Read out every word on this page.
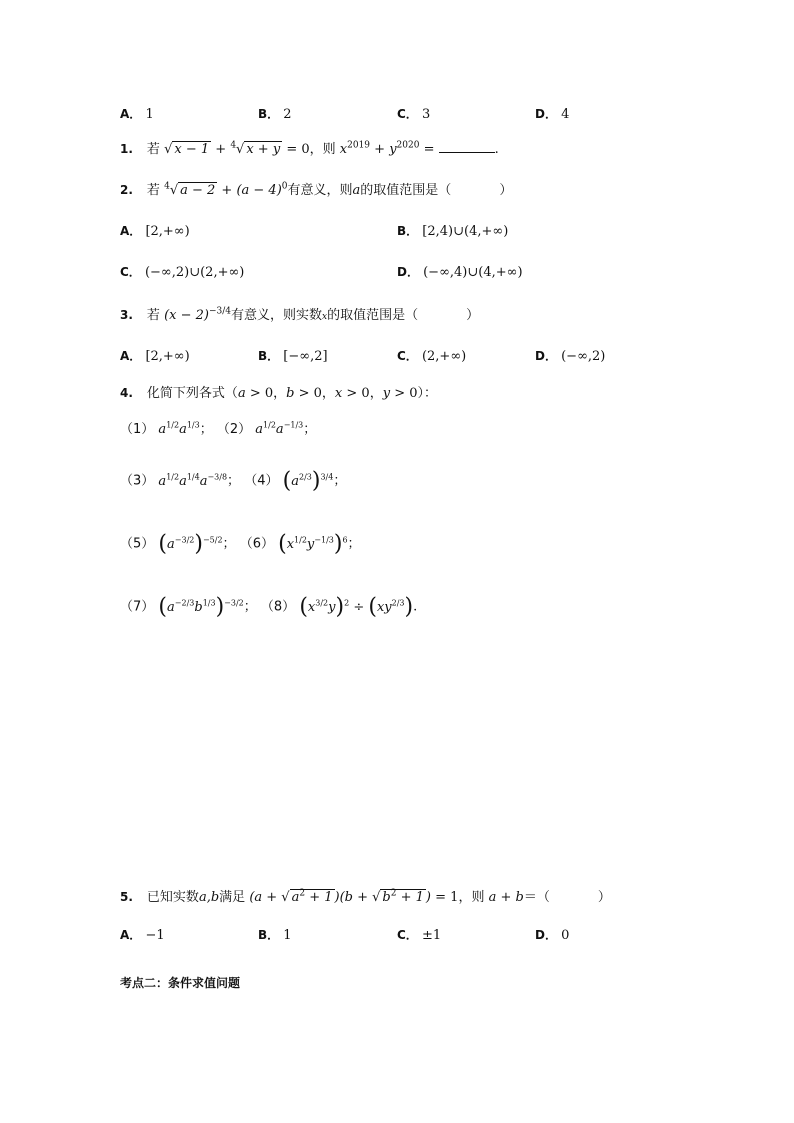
A． 1	B． 2	C． 3	D． 4
1. 若 √ x − 1 + $^4$√ x + y = 0，则 $x^{2019} + y^{2020}$ =	.
2. 若 $^4$√ $a - 2 + (a - 4)^0$有意义，则a的取值范围是（	）
A． [2,+∞)	B． [2,4)∪(4,+∞)
C． (−∞,2)∪(2,+∞)	D． (−∞,4)∪(4,+∞)
3. 若 $(x - 2)^{-3/4}$有意义，则实数x的取值范围是（	）
A． [2,+∞)	B． [−∞,2]	C． (2,+∞)	D． (−∞,2)
4. 化简下列各式（a > 0，b > 0，x > 0，y > 0）：
（1） $a^{1/2}a^{1/3}$； （2） $a^{1/2}a^{-1/3}$；
（3） $a^{1/2}a^{1/4}a^{-3/8}$； （4） $(a^{2/3})^{3/4}$；
（5） $(a^{-3/2})^{-5/2}$； （6） $(x^{1/2}y^{-1/3})^6$；
（7） $(a^{-2/3}b^{1/3})^{-3/2}$； （8） $(x^{3/2}y)^2 \div (xy^{2/3})$.
5. 已知实数a,b满足 (a + √ $a^2 + 1$ )(b + √ $b^2 + 1$ ) = 1，则 a + b＝（	）
A． −1	B． 1	C． ±1	D． 0
考点二：条件求值问题
